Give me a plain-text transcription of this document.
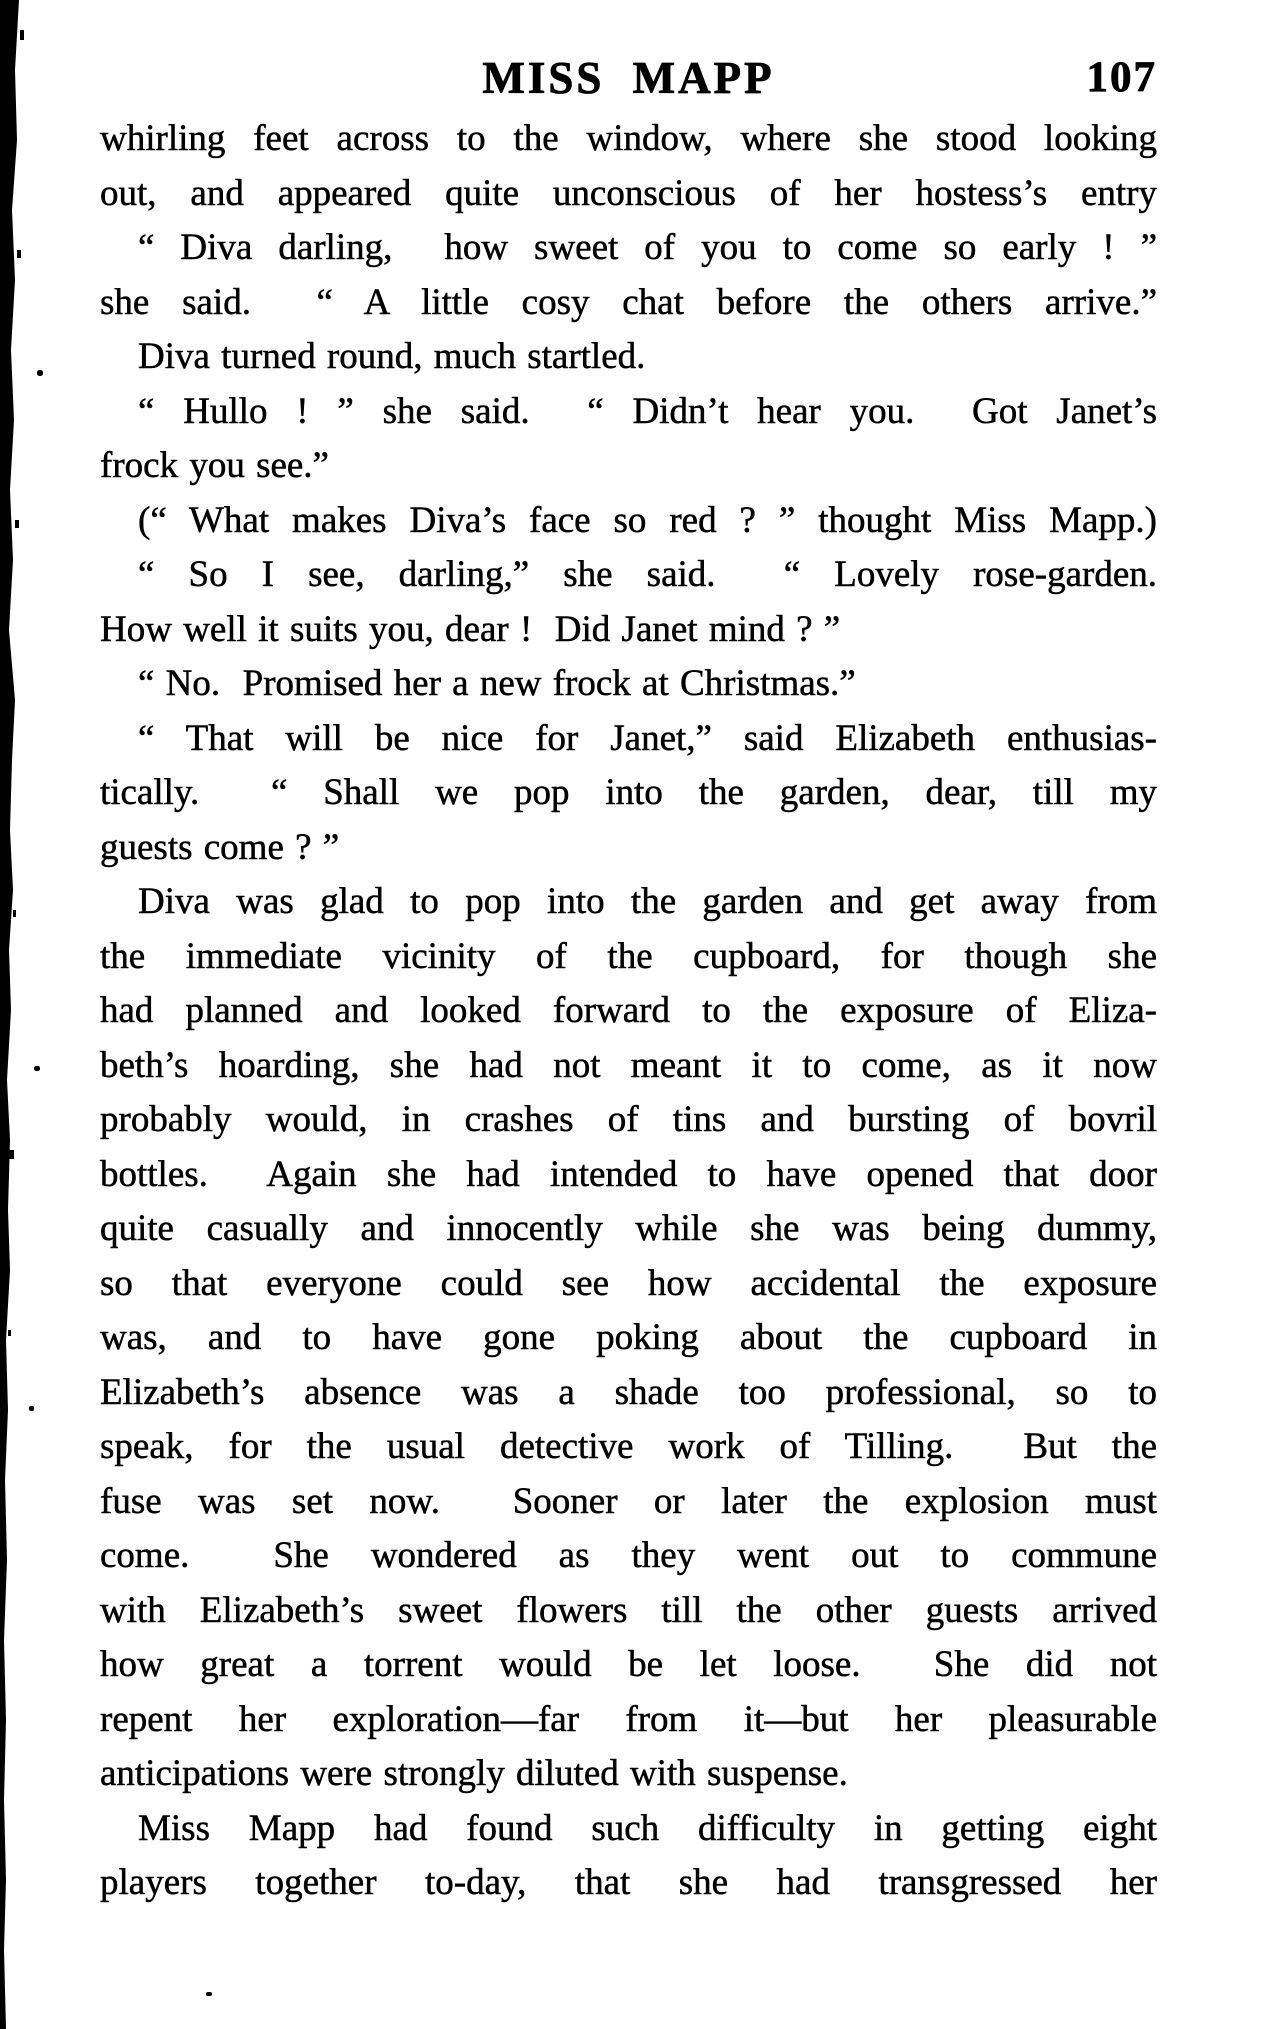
MISS MAPP	107
whirling feet across to the window, where she stood looking
out, and appeared quite unconscious of her hostess’s entry
“ Diva darling,  how sweet of you to come so early ! ”
she said.  “ A little cosy chat before the others arrive.”
Diva turned round, much startled.
“ Hullo ! ” she said.  “ Didn’t hear you.  Got Janet’s
frock you see.”
(“ What makes Diva’s face so red ? ” thought Miss Mapp.)
“ So I see, darling,” she said.  “ Lovely rose-garden.
How well it suits you, dear !  Did Janet mind ? ”
“ No.  Promised her a new frock at Christmas.”
“ That will be nice for Janet,” said Elizabeth enthusias-
tically.  “ Shall we pop into the garden, dear, till my
guests come ? ”
Diva was glad to pop into the garden and get away from
the immediate vicinity of the cupboard, for though she
had planned and looked forward to the exposure of Eliza-
beth’s hoarding, she had not meant it to come, as it now
probably would, in crashes of tins and bursting of bovril
bottles.  Again she had intended to have opened that door
quite casually and innocently while she was being dummy,
so that everyone could see how accidental the exposure
was, and to have gone poking about the cupboard in
Elizabeth’s absence was a shade too professional, so to
speak, for the usual detective work of Tilling.  But the
fuse was set now.  Sooner or later the explosion must
come.  She wondered as they went out to commune
with Elizabeth’s sweet flowers till the other guests arrived
how great a torrent would be let loose.  She did not
repent her exploration—far from it—but her pleasurable
anticipations were strongly diluted with suspense.
Miss Mapp had found such difficulty in getting eight
players together to-day, that she had transgressed her
